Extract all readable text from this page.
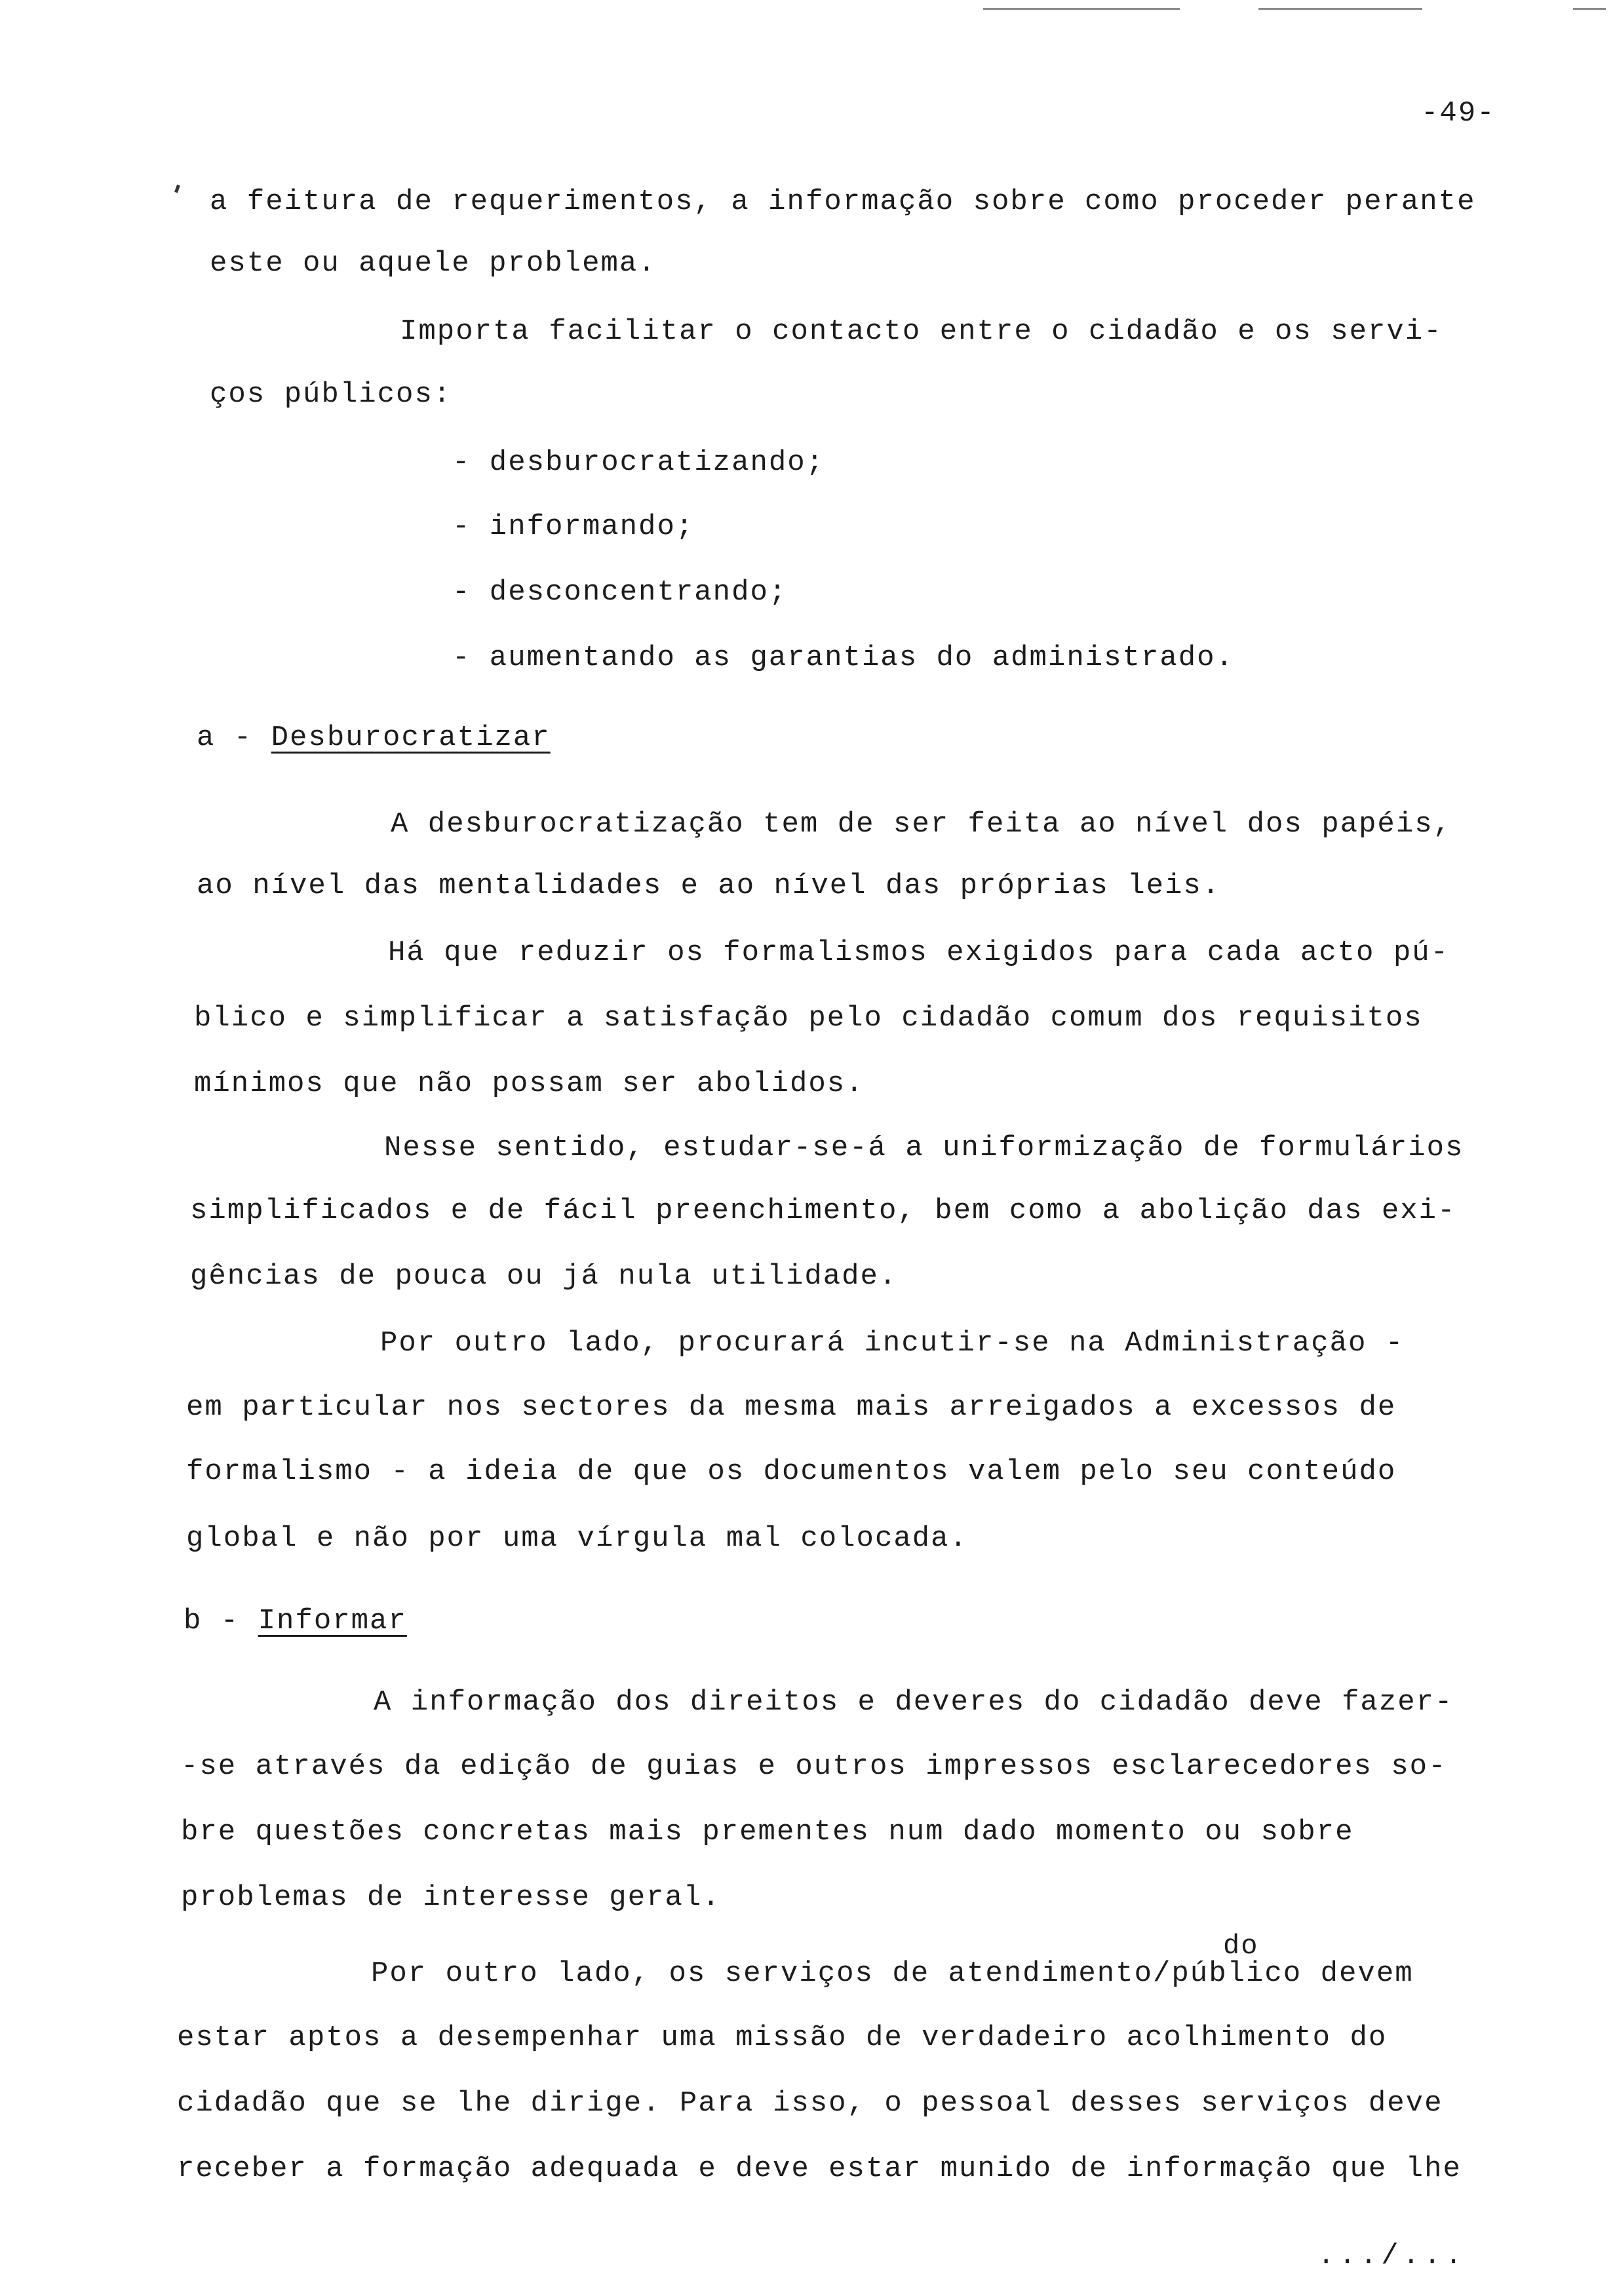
-49-
a feitura de requerimentos, a informação sobre como proceder perante
este ou aquele problema.
Importa facilitar o contacto entre o cidadão e os servi-
ços públicos:
- desburocratizando;
- informando;
- desconcentrando;
- aumentando as garantias do administrado.
a - Desburocratizar
A desburocratização tem de ser feita ao nível dos papéis,
ao nível das mentalidades e ao nível das próprias leis.
Há que reduzir os formalismos exigidos para cada acto pú-
blico e simplificar a satisfação pelo cidadão comum dos requisitos
mínimos que não possam ser abolidos.
Nesse sentido, estudar-se-á a uniformização de formulários
simplificados e de fácil preenchimento, bem como a abolição das exi-
gências de pouca ou já nula utilidade.
Por outro lado, procurará incutir-se na Administração -
em particular nos sectores da mesma mais arreigados a excessos de
formalismo - a ideia de que os documentos valem pelo seu conteúdo
global e não por uma vírgula mal colocada.
b - Informar
A informação dos direitos e deveres do cidadão deve fazer-
-se através da edição de guias e outros impressos esclarecedores so-
bre questões concretas mais prementes num dado momento ou sobre
problemas de interesse geral.
do
Por outro lado, os serviços de atendimento/público devem
estar aptos a desempenhar uma missão de verdadeiro acolhimento do
cidadão que se lhe dirige. Para isso, o pessoal desses serviços deve
receber a formação adequada e deve estar munido de informação que lhe
.../...
